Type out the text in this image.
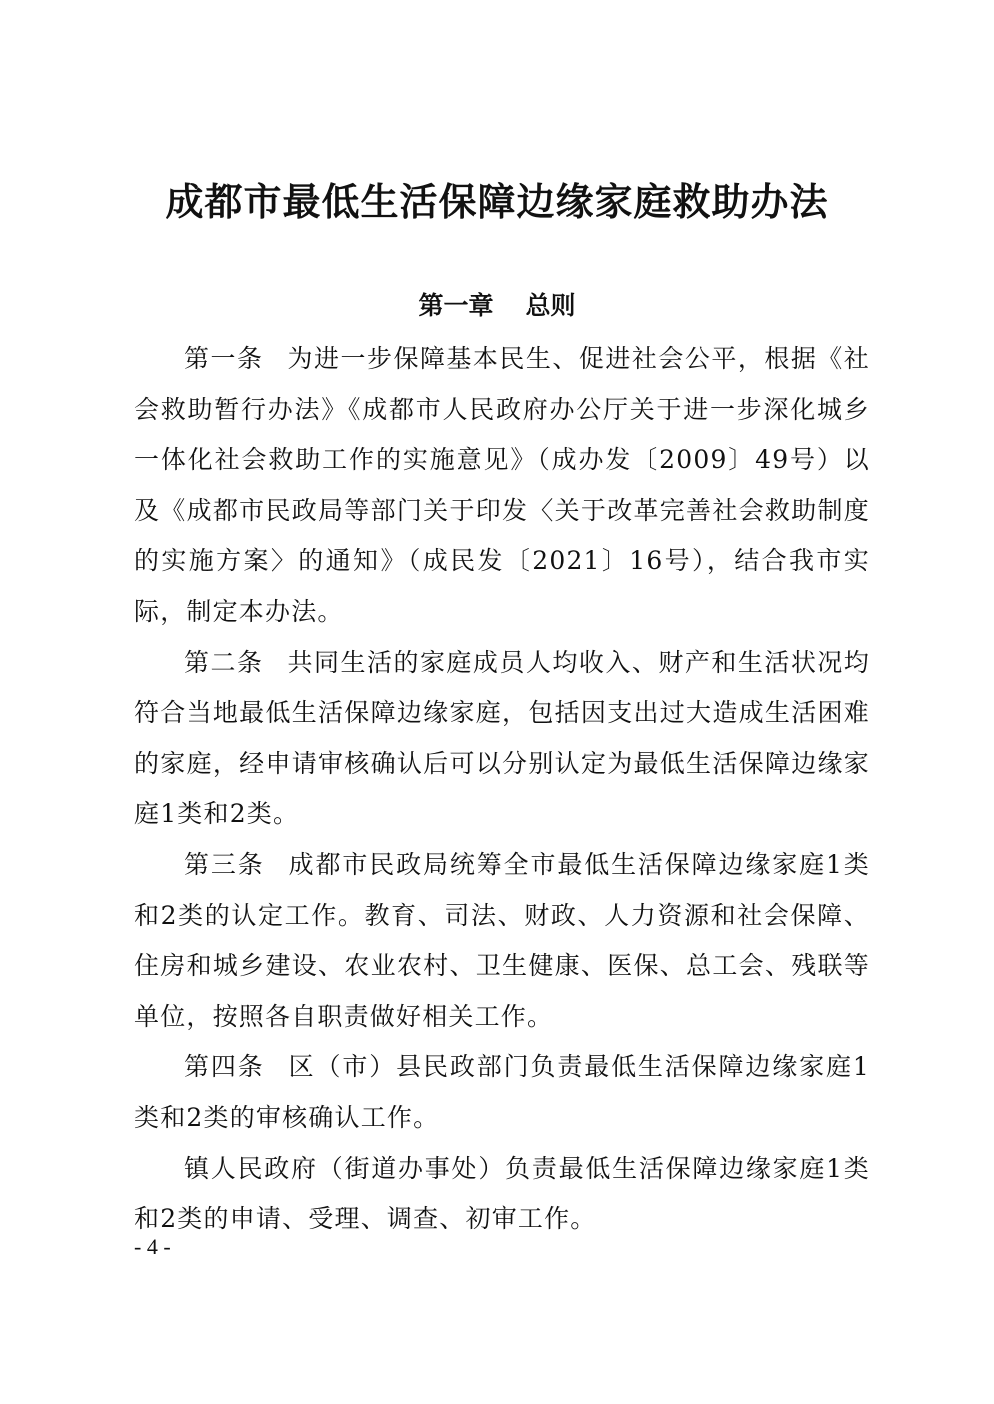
成都市最低生活保障边缘家庭救助办法
第一章 总则

第一条 为进一步保障基本民生、促进社会公平，根据《社会救助暂行办法》《成都市人民政府办公厅关于进一步深化城乡一体化社会救助工作的实施意见》（成办发〔2009〕49号）以及《成都市民政局等部门关于印发〈关于改革完善社会救助制度的实施方案〉的通知》（成民发〔2021〕16号），结合我市实际，制定本办法。

第二条 共同生活的家庭成员人均收入、财产和生活状况均符合当地最低生活保障边缘家庭，包括因支出过大造成生活困难的家庭，经申请审核确认后可以分别认定为最低生活保障边缘家庭1类和2类。

第三条 成都市民政局统筹全市最低生活保障边缘家庭1类和2类的认定工作。教育、司法、财政、人力资源和社会保障、住房和城乡建设、农业农村、卫生健康、医保、总工会、残联等单位，按照各自职责做好相关工作。

第四条 区（市）县民政部门负责最低生活保障边缘家庭1类和2类的审核确认工作。

镇人民政府（街道办事处）负责最低生活保障边缘家庭1类和2类的申请、受理、调查、初审工作。

- 4 -
